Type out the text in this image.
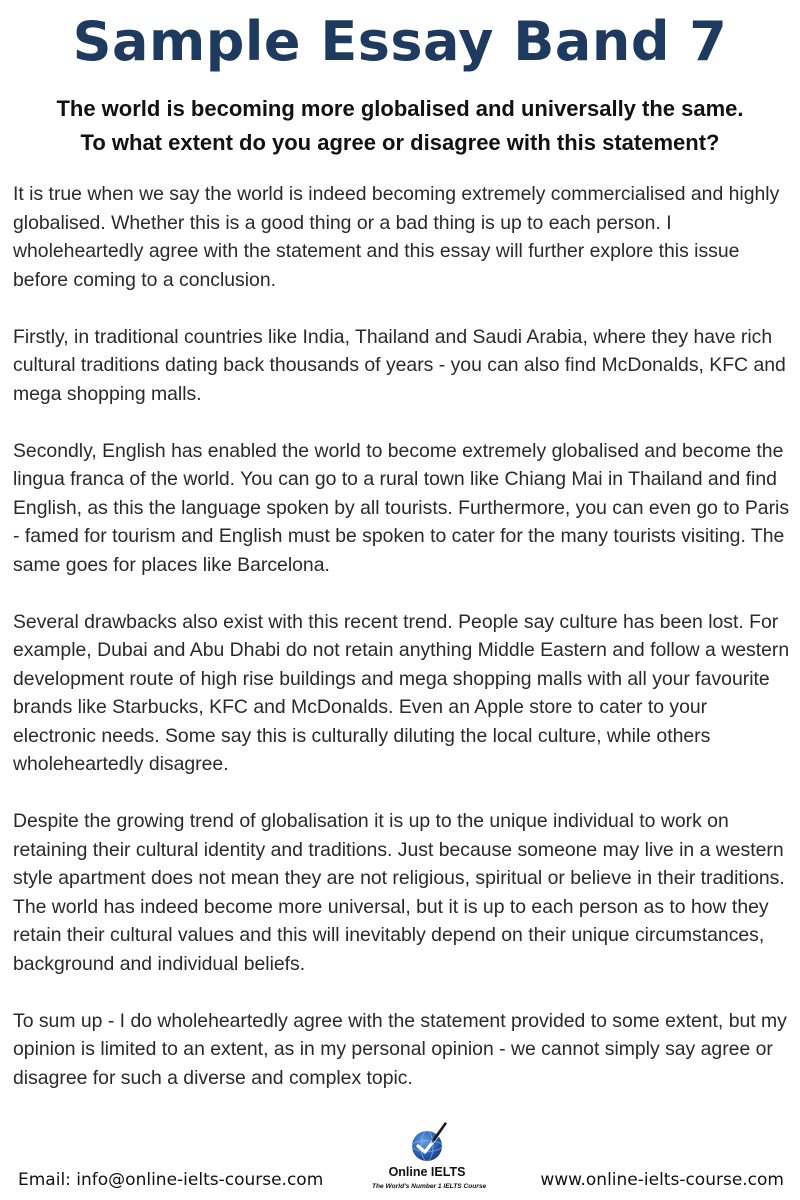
Sample Essay Band 7
The world is becoming more globalised and universally the same.
To what extent do you agree or disagree with this statement?

It is true when we say the world is indeed becoming extremely commercialised and highly globalised. Whether this is a good thing or a bad thing is up to each person. I wholeheartedly agree with the statement and this essay will further explore this issue before coming to a conclusion.

Firstly, in traditional countries like India, Thailand and Saudi Arabia, where they have rich cultural traditions dating back thousands of years - you can also find McDonalds, KFC and mega shopping malls.

Secondly, English has enabled the world to become extremely globalised and become the lingua franca of the world. You can go to a rural town like Chiang Mai in Thailand and find English, as this the language spoken by all tourists. Furthermore, you can even go to Paris - famed for tourism and English must be spoken to cater for the many tourists visiting. The same goes for places like Barcelona.

Several drawbacks also exist with this recent trend. People say culture has been lost. For example, Dubai and Abu Dhabi do not retain anything Middle Eastern and follow a western development route of high rise buildings and mega shopping malls with all your favourite brands like Starbucks, KFC and McDonalds. Even an Apple store to cater to your electronic needs. Some say this is culturally diluting the local culture, while others wholeheartedly disagree.

Despite the growing trend of globalisation it is up to the unique individual to work on retaining their cultural identity and traditions. Just because someone may live in a western style apartment does not mean they are not religious, spiritual or believe in their traditions. The world has indeed become more universal, but it is up to each person as to how they retain their cultural values and this will inevitably depend on their unique circumstances, background and individual beliefs.

To sum up - I do wholeheartedly agree with the statement provided to some extent, but my opinion is limited to an extent, as in my personal opinion - we cannot simply say agree or disagree for such a diverse and complex topic.

Email: info@online-ielts-course.com	Online IELTS
The World's Number 1 IELTS Course	www.online-ielts-course.com
